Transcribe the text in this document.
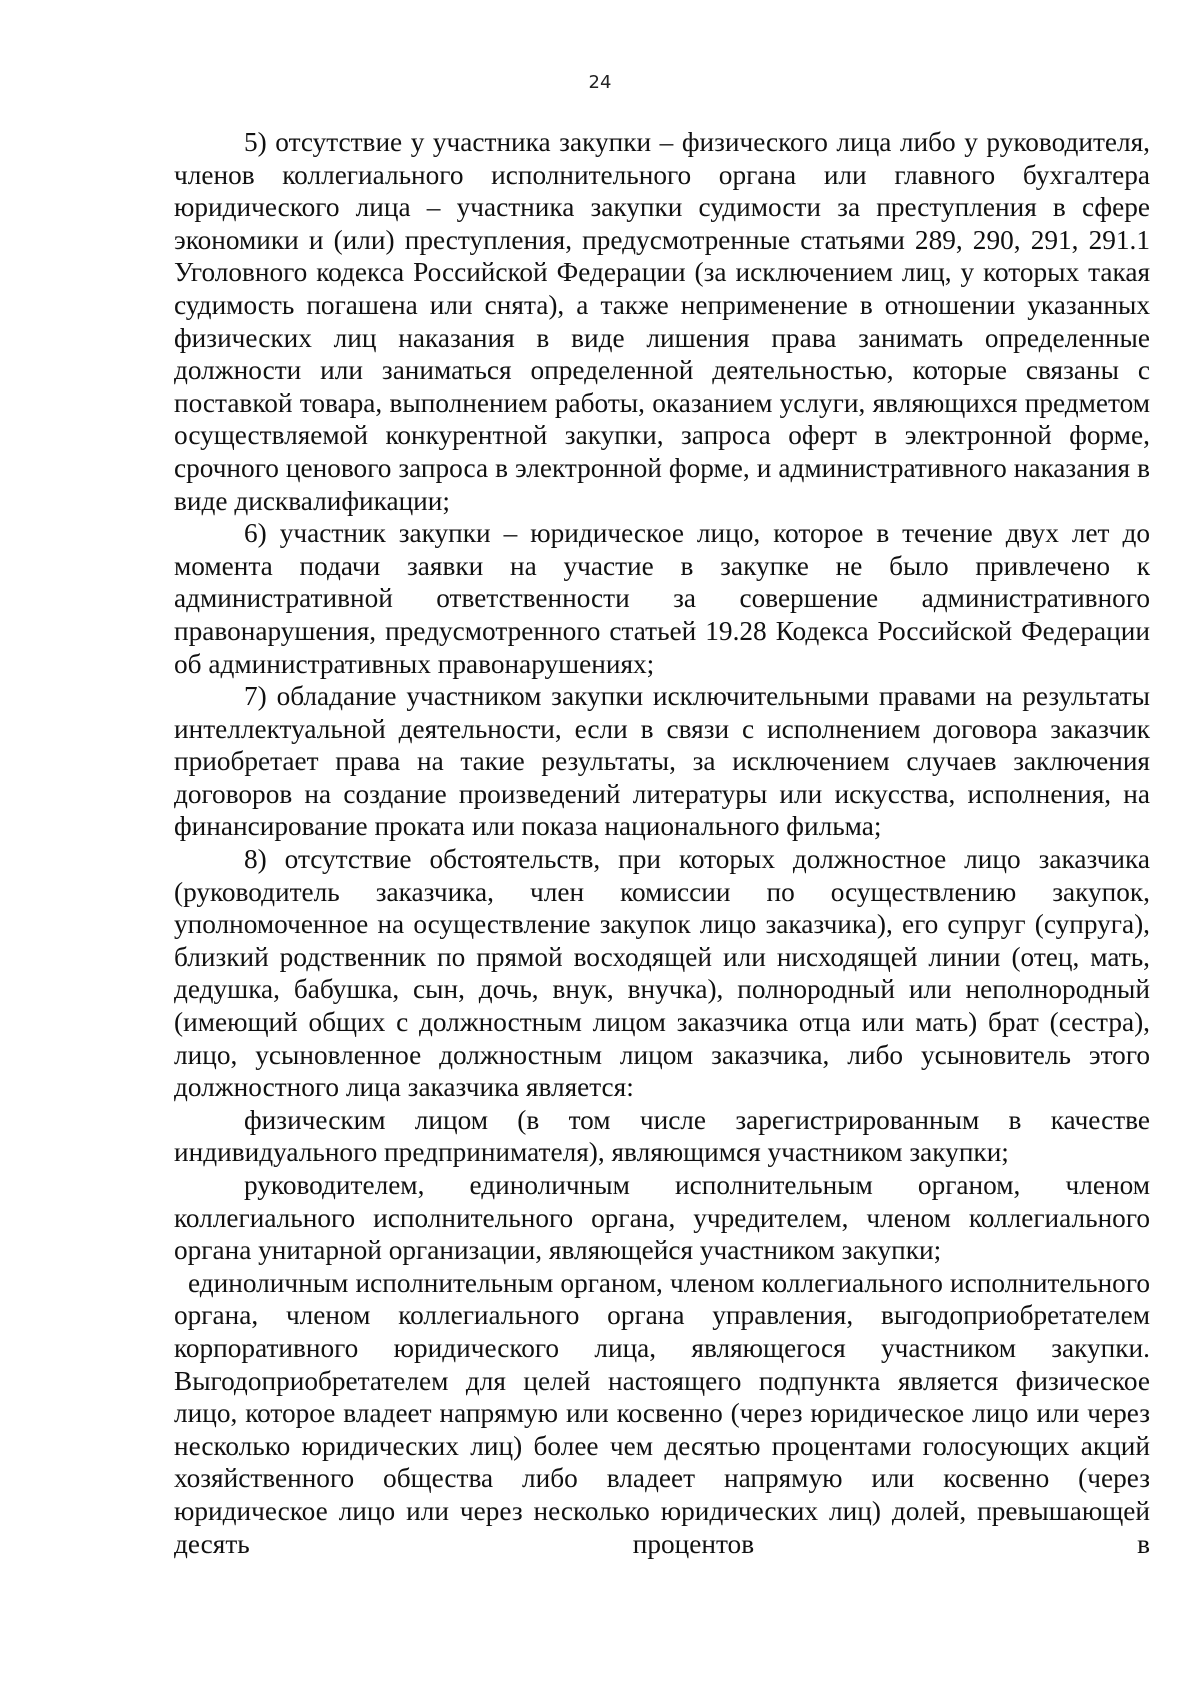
24

5) отсутствие у участника закупки – физического лица либо у руководителя, членов коллегиального исполнительного органа или главного бухгалтера юридического лица – участника закупки судимости за преступления в сфере экономики и (или) преступления, предусмотренные статьями 289, 290, 291, 291.1 Уголовного кодекса Российской Федерации (за исключением лиц, у которых такая судимость погашена или снята), а также неприменение в отношении указанных физических лиц наказания в виде лишения права занимать определенные должности или заниматься определенной деятельностью, которые связаны с поставкой товара, выполнением работы, оказанием услуги, являющихся предметом осуществляемой конкурентной закупки, запроса оферт в электронной форме, срочного ценового запроса в электронной форме, и административного наказания в виде дисквалификации;

6) участник закупки – юридическое лицо, которое в течение двух лет до момента подачи заявки на участие в закупке не было привлечено к административной ответственности за совершение административного правонарушения, предусмотренного статьей 19.28 Кодекса Российской Федерации об административных правонарушениях;

7) обладание участником закупки исключительными правами на результаты интеллектуальной деятельности, если в связи с исполнением договора заказчик приобретает права на такие результаты, за исключением случаев заключения договоров на создание произведений литературы или искусства, исполнения, на финансирование проката или показа национального фильма;

8) отсутствие обстоятельств, при которых должностное лицо заказчика (руководитель заказчика, член комиссии по осуществлению закупок, уполномоченное на осуществление закупок лицо заказчика), его супруг (супруга), близкий родственник по прямой восходящей или нисходящей линии (отец, мать, дедушка, бабушка, сын, дочь, внук, внучка), полнородный или неполнородный (имеющий общих с должностным лицом заказчика отца или мать) брат (сестра), лицо, усыновленное должностным лицом заказчика, либо усыновитель этого должностного лица заказчика является:

физическим лицом (в том числе зарегистрированным в качестве индивидуального предпринимателя), являющимся участником закупки;

руководителем, единоличным исполнительным органом, членом коллегиального исполнительного органа, учредителем, членом коллегиального органа унитарной организации, являющейся участником закупки;

единоличным исполнительным органом, членом коллегиального исполнительного органа, членом коллегиального органа управления, выгодоприобретателем корпоративного юридического лица, являющегося участником закупки. Выгодоприобретателем для целей настоящего подпункта является физическое лицо, которое владеет напрямую или косвенно (через юридическое лицо или через несколько юридических лиц) более чем десятью процентами голосующих акций хозяйственного общества либо владеет напрямую или косвенно (через юридическое лицо или через несколько юридических лиц) долей, превышающей десять процентов в
